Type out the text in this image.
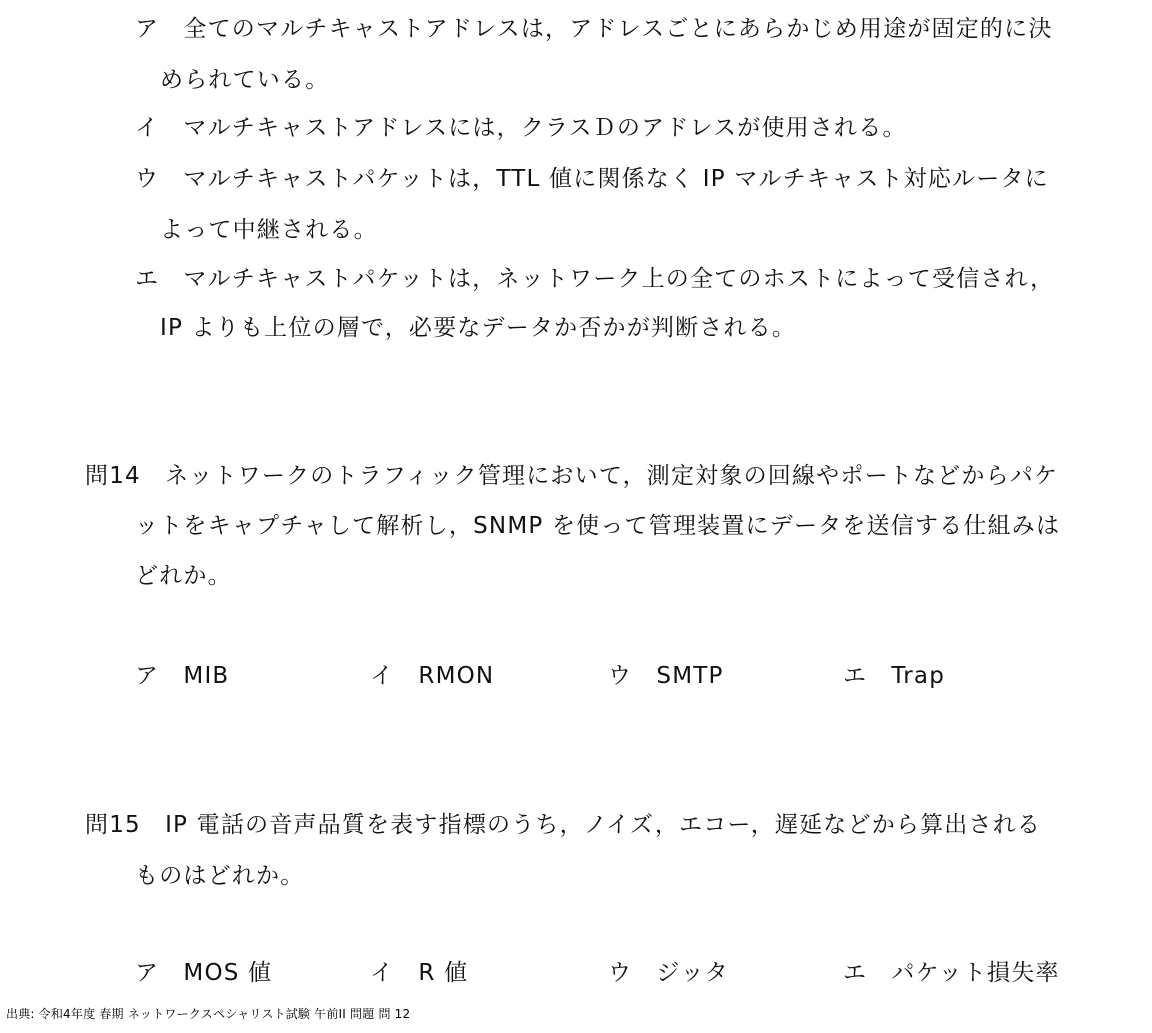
ア　全てのマルチキャストアドレスは，アドレスごとにあらかじめ用途が固定的に決
められている。
イ　マルチキャストアドレスには，クラスＤのアドレスが使用される。
ウ　マルチキャストパケットは，TTL 値に関係なく IP マルチキャスト対応ルータに
よって中継される。
エ　マルチキャストパケットは，ネットワーク上の全てのホストによって受信され，
IP よりも上位の層で，必要なデータか否かが判断される。
問14　ネットワークのトラフィック管理において，測定対象の回線やポートなどからパケ
ットをキャプチャして解析し，SNMP を使って管理装置にデータを送信する仕組みは
どれか。
ア　MIB	イ　RMON	ウ　SMTP	エ　Trap
問15　IP 電話の音声品質を表す指標のうち，ノイズ，エコー，遅延などから算出される
ものはどれか。
ア　MOS 値	イ　R 値	ウ　ジッタ	エ　パケット損失率
出典: 令和4年度 春期 ネットワークスペシャリスト試験 午前II 問題 問 12
